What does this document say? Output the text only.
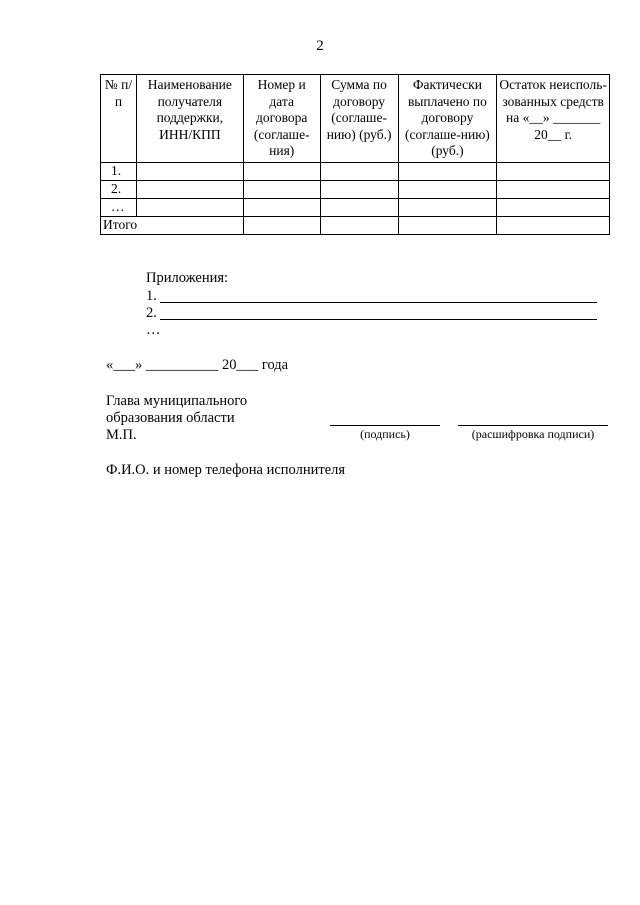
2
№ п/п	Наименование получателя поддержки, ИНН/КПП	Номер и дата договора (соглаше-ния)	Сумма по договору (соглаше-нию) (руб.)	Фактически выплачено по договору (соглаше-нию) (руб.)	Остаток неисполь-зованных средств на «__» _______ 20__ г.
1.					
2.					
…					
Итого					
Приложения:
1.
2.
…
«___» __________ 20___ года
Глава муниципального
образования области
М.П.	(подпись)	(расшифровка подписи)
Ф.И.О. и номер телефона исполнителя
